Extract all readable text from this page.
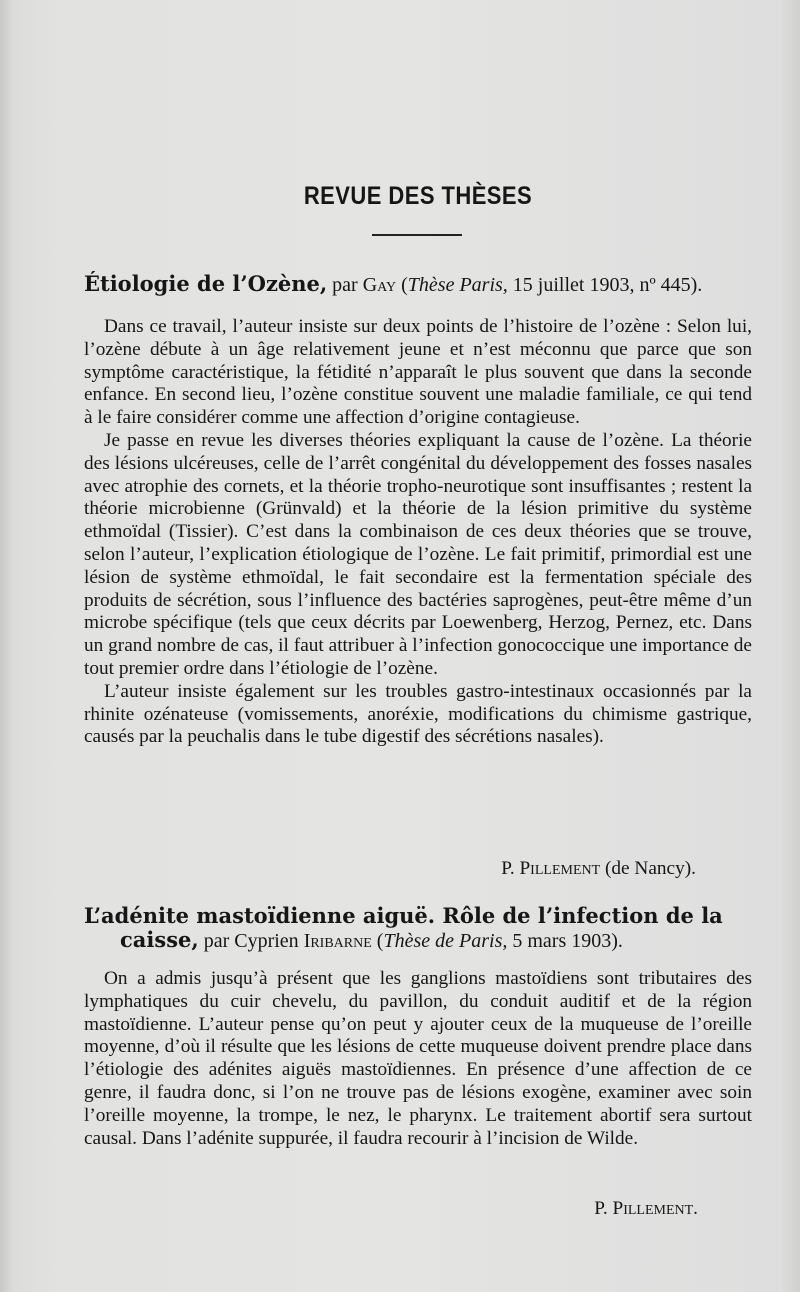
REVUE DES THÈSES
Étiologie de l’Ozène, par Gay (Thèse Paris, 15 juillet 1903, nº 445).

Dans ce travail, l’auteur insiste sur deux points de l’histoire de l’ozène : Selon lui, l’ozène débute à un âge relativement jeune et n’est méconnu que parce que son symptôme caractéristique, la fétidité n’apparaît le plus souvent que dans la seconde enfance. En second lieu, l’ozène constitue souvent une maladie familiale, ce qui tend à le faire considérer comme une affection d’origine contagieuse.

Je passe en revue les diverses théories expliquant la cause de l’ozène. La théorie des lésions ulcéreuses, celle de l’arrêt congénital du développement des fosses nasales avec atrophie des cornets, et la théorie tropho-neurotique sont insuffisantes ; restent la théorie microbienne (Grünvald) et la théorie de la lésion primitive du système ethmoïdal (Tissier). C’est dans la combinaison de ces deux théories que se trouve, selon l’auteur, l’explication étiologique de l’ozène. Le fait primitif, primordial est une lésion de système ethmoïdal, le fait secondaire est la fermentation spéciale des produits de sécrétion, sous l’influence des bactéries saprogènes, peut-être même d’un microbe spécifique (tels que ceux décrits par Loewenberg, Herzog, Pernez, etc. Dans un grand nombre de cas, il faut attribuer à l’infection gonococcique une importance de tout premier ordre dans l’étiologie de l’ozène.

L’auteur insiste également sur les troubles gastro-intestinaux occasionnés par la rhinite ozénateuse (vomissements, anoréxie, modifications du chimisme gastrique, causés par la peuchalis dans le tube digestif des sécrétions nasales).

P. Pillement (de Nancy).
L’adénite mastoïdienne aiguë. Rôle de l’infection de la
caisse, par Cyprien Iribarne (Thèse de Paris, 5 mars 1903).

On a admis jusqu’à présent que les ganglions mastoïdiens sont tributaires des lymphatiques du cuir chevelu, du pavillon, du conduit auditif et de la région mastoïdienne. L’auteur pense qu’on peut y ajouter ceux de la muqueuse de l’oreille moyenne, d’où il résulte que les lésions de cette muqueuse doivent prendre place dans l’étiologie des adénites aiguës mastoïdiennes. En présence d’une affection de ce genre, il faudra donc, si l’on ne trouve pas de lésions exogène, examiner avec soin l’oreille moyenne, la trompe, le nez, le pharynx. Le traitement abortif sera surtout causal. Dans l’adénite suppurée, il faudra recourir à l’incision de Wilde.

P. Pillement.
